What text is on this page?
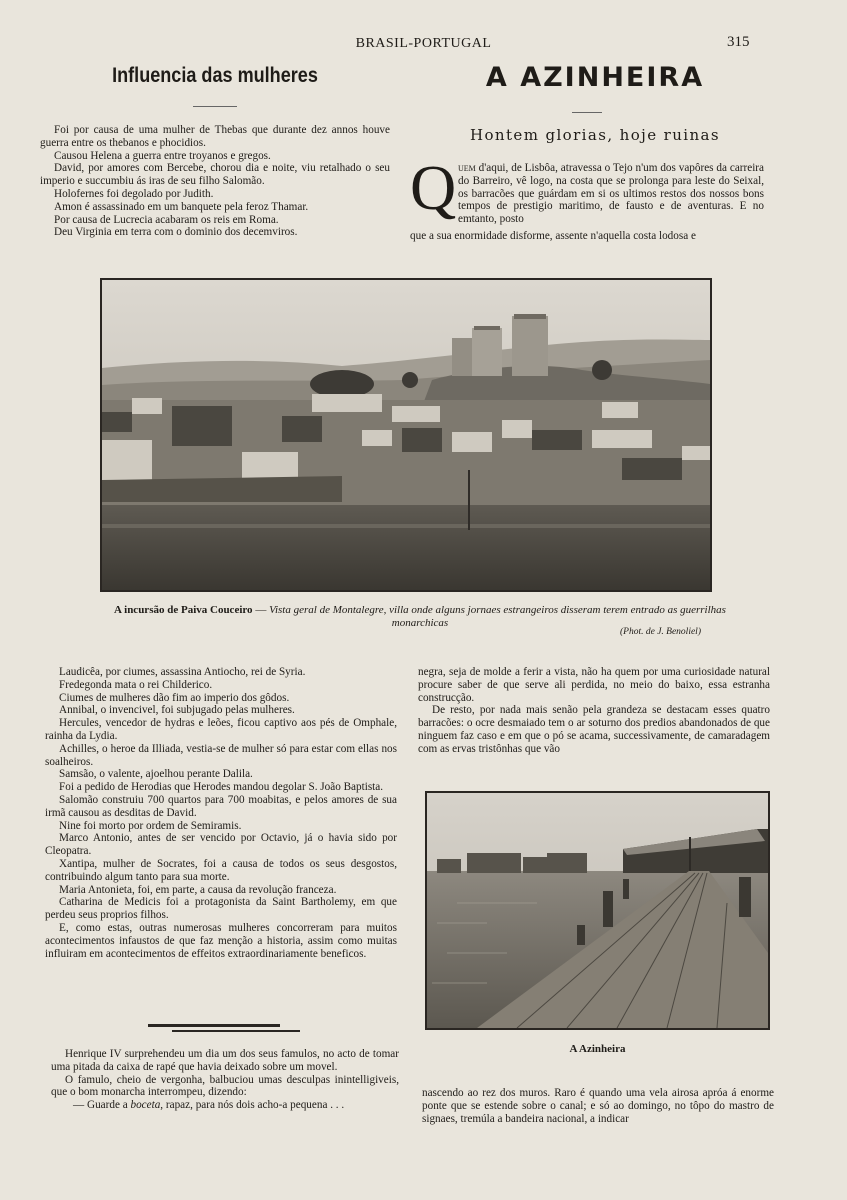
BRASIL-PORTUGAL	315
Influencia das mulheres

Foi por causa de uma mulher de Thebas que durante dez annos houve guerra entre os thebanos e phocidios.

Causou Helena a guerra entre troyanos e gregos.

David, por amores com Bercebe, chorou dia e noite, viu retalhado o seu imperio e succumbiu ás iras de seu filho Salomão.

Holofernes foi degolado por Judith.

Amon é assassinado em um banquete pela feroz Thamar.

Por causa de Lucrecia acabaram os reis em Roma.

Deu Virginia em terra com o dominio dos decemviros.

A AZINHEIRA
Hontem glorias, hoje ruinas
Q uem d'aqui, de Lisbôa, atravessa o Tejo n'um dos vapôres da carreira do Barreiro, vê logo, na costa que se prolonga para leste do Seixal, os barracões que guárdam em si os ultimos restos dos nossos bons tempos de prestigio maritimo, de fausto e de aventuras. E no emtanto, posto
que a sua enormidade disforme, assente n'aquella costa lodosa e
A incursão de Paiva Couceiro — Vista geral de Montalegre, villa onde alguns jornaes estrangeiros disseram terem entrado as guerrilhas monarchicas
(Phot. de J. Benoliel)

Laudicêa, por ciumes, assassina Antiocho, rei de Syria.

Fredegonda mata o rei Childerico.

Ciumes de mulheres dão fim ao imperio dos gôdos.

Annibal, o invencivel, foi subjugado pelas mulheres.

Hercules, vencedor de hydras e leões, ficou captivo aos pés de Omphale, rainha da Lydia.

Achilles, o heroe da Illiada, vestia-se de mulher só para estar com ellas nos soalheiros.

Samsão, o valente, ajoelhou perante Dalila.

Foi a pedido de Herodias que Herodes mandou degolar S. João Baptista.

Salomão construiu 700 quartos para 700 moabitas, e pelos amores de sua irmã causou as desditas de David.

Nine foi morto por ordem de Semiramis.

Marco Antonio, antes de ser vencido por Octavio, já o havia sido por Cleopatra.

Xantipa, mulher de Socrates, foi a causa de todos os seus desgostos, contribuindo algum tanto para sua morte.

Maria Antonieta, foi, em parte, a causa da revolução franceza.

Catharina de Medicis foi a protagonista da Saint Bartholemy, em que perdeu seus proprios filhos.

E, como estas, outras numerosas mulheres concorreram para muitos acontecimentos infaustos de que faz menção a historia, assim como muitas influiram em acontecimentos de effeitos extraordinariamente beneficos.

Henrique IV surprehendeu um dia um dos seus famulos, no acto de tomar uma pitada da caixa de rapé que havia deixado sobre um movel.

O famulo, cheio de vergonha, balbuciou umas desculpas inintelligiveis, que o bom monarcha interrompeu, dizendo:

— Guarde a boceta, rapaz, para nós dois acho-a pequena . . .

negra, seja de molde a ferir a vista, não ha quem por uma curiosidade natural procure saber de que serve ali perdida, no meio do baixo, essa estranha construcção.

De resto, por nada mais senão pela grandeza se destacam esses quatro barracões: o ocre desmaiado tem o ar soturno dos predios abandonados de que ninguem faz caso e em que o pó se acama, successivamente, de camaradagem com as ervas tristônhas que vão

A Azinheira

nascendo ao rez dos muros. Raro é quando uma vela airosa apróa á enorme ponte que se estende sobre o canal; e só ao domingo, no tôpo do mastro de signaes, tremúla a bandeira nacional, a indicar
